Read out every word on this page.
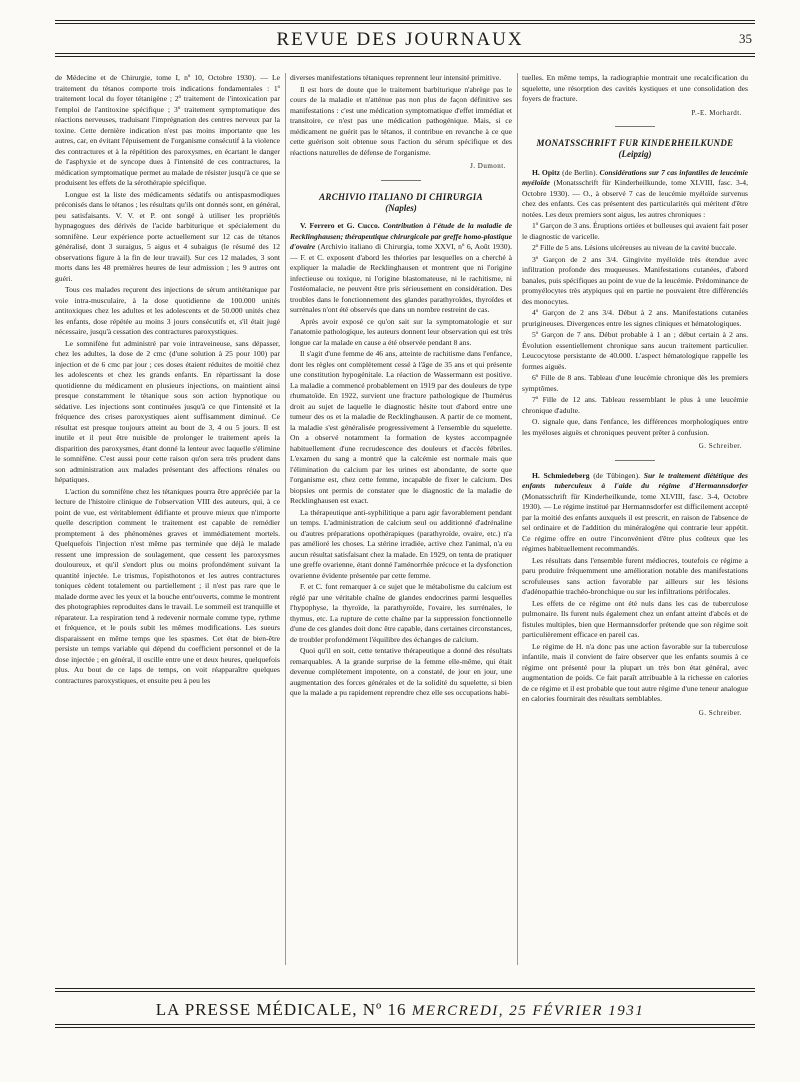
REVUE DES JOURNAUX	35

de Médecine et de Chirurgie, tome I, nº 10, Octobre 1930). — Le traitement du tétanos comporte trois indications fondamentales : 1º traitement local du foyer tétanigène ; 2º traitement de l'intoxication par l'emploi de l'antitoxine spécifique ; 3º traitement symptomatique des réactions nerveuses, traduisant l'imprégnation des centres nerveux par la toxine. Cette dernière indication n'est pas moins importante que les autres, car, en évitant l'épuisement de l'organisme consécutif à la violence des contractures et à la répétition des paroxysmes, en écartant le danger de l'asphyxie et de syncope dues à l'intensité de ces contractures, la médication symptomatique permet au malade de résister jusqu'à ce que se produisent les effets de la sérothérapie spécifique.

Longue est la liste des médicaments sédatifs ou antispasmodiques préconisés dans le tétanos ; les résultats qu'ils ont donnés sont, en général, peu satisfaisants. V. V. et P. ont songé à utiliser les propriétés hypnagogues des dérivés de l'acide barbiturique et spécialement du somnifène. Leur expérience porte actuellement sur 12 cas de tétanos généralisé, dont 3 suraigus, 5 aigus et 4 subaigus (le résumé des 12 observations figure à la fin de leur travail). Sur ces 12 malades, 3 sont morts dans les 48 premières heures de leur admission ; les 9 autres ont guéri.

Tous ces malades reçurent des injections de sérum antitétanique par voie intra-musculaire, à la dose quotidienne de 100.000 unités antitoxiques chez les adultes et les adolescents et de 50.000 unités chez les enfants, dose répétée au moins 3 jours consécutifs et, s'il était jugé nécessaire, jusqu'à cessation des contractures paroxystiques.

Le somnifène fut administré par voie intraveineuse, sans dépasser, chez les adultes, la dose de 2 cmc (d'une solution à 25 pour 100) par injection et de 6 cmc par jour ; ces doses étaient réduites de moitié chez les adolescents et chez les grands enfants. En répartissant la dose quotidienne du médicament en plusieurs injections, on maintient ainsi presque constamment le tétanique sous son action hypnotique ou sédative. Les injections sont continuées jusqu'à ce que l'intensité et la fréquence des crises paroxystiques aient suffisamment diminué. Ce résultat est presque toujours atteint au bout de 3, 4 ou 5 jours. Il est inutile et il peut être nuisible de prolonger le traitement après la disparition des paroxysmes, étant donné la lenteur avec laquelle s'élimine le somnifène. C'est aussi pour cette raison qu'on sera très prudent dans son administration aux malades présentant des affections rénales ou hépatiques.

L'action du somnifène chez les tétaniques pourra être appréciée par la lecture de l'histoire clinique de l'observation VIII des auteurs, qui, à ce point de vue, est véritablement édifiante et prouve mieux que n'importe quelle description comment le traitement est capable de remédier promptement à des phénomènes graves et immédiatement mortels. Quelquefois l'injection n'est même pas terminée que déjà le malade ressent une impression de soulagement, que cessent les paroxysmes douloureux, et qu'il s'endort plus ou moins profondément suivant la quantité injectée. Le trismus, l'opisthotonos et les autres contractures toniques cèdent totalement ou partiellement ; il n'est pas rare que le malade dorme avec les yeux et la bouche entr'ouverts, comme le montrent des photographies reproduites dans le travail. Le sommeil est tranquille et réparateur. La respiration tend à redevenir normale comme type, rythme et fréquence, et le pouls subit les mêmes modifications. Les sueurs disparaissent en même temps que les spasmes. Cet état de bien-être persiste un temps variable qui dépend du coefficient personnel et de la dose injectée ; en général, il oscille entre une et deux heures, quelquefois plus. Au bout de ce laps de temps, on voit réapparaître quelques contractures paroxystiques, et ensuite peu à peu les

diverses manifestations tétaniques reprennent leur intensité primitive.

Il est hors de doute que le traitement barbiturique n'abrège pas le cours de la maladie et n'atténue pas non plus de façon définitive ses manifestations : c'est une médication symptomatique d'effet immédiat et transitoire, ce n'est pas une médication pathogénique. Mais, si ce médicament ne guérit pas le tétanos, il contribue en revanche à ce que cette guérison soit obtenue sous l'action du sérum spécifique et des réactions naturelles de défense de l'organisme.

J. Dumont.

ARCHIVIO ITALIANO DI CHIRURGIA
(Naples)

V. Ferrero et G. Cucco. Contribution à l'étude de la maladie de Recklinghausen; thérapeutique chirurgicale par greffe homo-plastique d'ovaire (Archivio italiano di Chirurgia, tome XXVI, nº 6, Août 1930). — F. et C. exposent d'abord les théories par lesquelles on a cherché à expliquer la maladie de Recklinghausen et montrent que ni l'origine infectieuse ou toxique, ni l'origine blastomateuse, ni le rachitisme, ni l'ostéomalacie, ne peuvent être pris sérieusement en considération. Des troubles dans le fonctionnement des glandes parathyroïdes, thyroïdes et surrénales n'ont été observés que dans un nombre restreint de cas.

Après avoir exposé ce qu'on sait sur la symptomatologie et sur l'anatomie pathologique, les auteurs donnent leur observation qui est très longue car la malade en cause a été observée pendant 8 ans.

Il s'agit d'une femme de 46 ans, atteinte de rachitisme dans l'enfance, dont les règles ont complètement cessé à l'âge de 35 ans et qui présente une constitution hypogénitale. La réaction de Wassermann est positive. La maladie a commencé probablement en 1919 par des douleurs de type rhumatoïde. En 1922, survient une fracture pathologique de l'humérus droit au sujet de laquelle le diagnostic hésite tout d'abord entre une tumeur des os et la maladie de Recklinghausen. A partir de ce moment, la maladie s'est généralisée progressivement à l'ensemble du squelette. On a observé notamment la formation de kystes accompagnée habituellement d'une recrudescence des douleurs et d'accès fébriles. L'examen du sang a montré que la calcémie est normale mais que l'élimination du calcium par les urines est abondante, de sorte que l'organisme est, chez cette femme, incapable de fixer le calcium. Des biopsies ont permis de constater que le diagnostic de la maladie de Recklinghausen est exact.

La thérapeutique anti-syphilitique a paru agir favorablement pendant un temps. L'administration de calcium seul ou additionné d'adrénaline ou d'autres préparations opothérapiques (parathyroïde, ovaire, etc.) n'a pas amélioré les choses. La stérine irradiée, active chez l'animal, n'a eu aucun résultat satisfaisant chez la malade. En 1929, on tenta de pratiquer une greffe ovarienne, étant donné l'aménorrhée précoce et la dysfonction ovarienne évidente présentée par cette femme.

F. et C. font remarquer à ce sujet que le métabolisme du calcium est réglé par une véritable chaîne de glandes endocrines parmi lesquelles l'hypophyse, la thyroïde, la parathyroïde, l'ovaire, les surrénales, le thymus, etc. La rupture de cette chaîne par la suppression fonctionnelle d'une de ces glandes doit donc être capable, dans certaines circonstances, de troubler profondément l'équilibre des échanges de calcium.

Quoi qu'il en soit, cette tentative thérapeutique a donné des résultats remarquables. A la grande surprise de la femme elle-même, qui était devenue complètement impotente, on a constaté, de jour en jour, une augmentation des forces générales et de la solidité du squelette, si bien que la malade a pu rapidement reprendre chez elle ses occupations habi-

tuelles. En même temps, la radiographie montrait une recalcification du squelette, une résorption des cavités kystiques et une consolidation des foyers de fracture.

P.-E. Morhardt.

MONATSSCHRIFT FUR KINDERHEILKUNDE
(Leipzig)

H. Opitz (de Berlin). Considérations sur 7 cas infantiles de leucémie myéloïde (Monatsschrift für Kinderheilkunde, tome XLVIII, fasc. 3-4, Octobre 1930). — O., à observé 7 cas de leucémie myéloïde survenus chez des enfants. Ces cas présentent des particularités qui méritent d'être notées. Les deux premiers sont aigus, les autres chroniques :

1º Garçon de 3 ans. Éruptions ortiées et bulleuses qui avaient fait poser le diagnostic de varicelle.

2º Fille de 5 ans. Lésions ulcéreuses au niveau de la cavité buccale.

3º Garçon de 2 ans 3/4. Gingivite myéloïde très étendue avec infiltration profonde des muqueuses. Manifestations cutanées, d'abord banales, puis spécifiques au point de vue de la leucémie. Prédominance de promyélocytes très atypiques qui en partie ne pouvaient être différenciés des monocytes.

4º Garçon de 2 ans 3/4. Début à 2 ans. Manifestations cutanées prurigineuses. Divergences entre les signes cliniques et hématologiques.

5º Garçon de 7 ans. Début probable à 1 an ; début certain à 2 ans. Évolution essentiellement chronique sans aucun traitement particulier. Leucocytose persistante de 40.000. L'aspect hématologique rappelle les formes aiguës.

6º Fille de 8 ans. Tableau d'une leucémie chronique dès les premiers symptômes.

7º Fille de 12 ans. Tableau ressemblant le plus à une leucémie chronique d'adulte.

O. signale que, dans l'enfance, les différences morphologiques entre les myéloses aiguës et chroniques peuvent prêter à confusion.

G. Schreiber.

H. Schmiedeberg (de Tübingen). Sur le traitement diététique des enfants tuberculeux à l'aide du régime d'Hermannsdorfer (Monatsschrift für Kinderheilkunde, tome XLVIII, fasc. 3-4, Octobre 1930). — Le régime institué par Hermannsdorfer est difficilement accepté par la moitié des enfants auxquels il est prescrit, en raison de l'absence de sel ordinaire et de l'addition du minéralogène qui contrarie leur appétit. Ce régime offre en outre l'inconvénient d'être plus coûteux que les régimes habituellement recommandés.

Les résultats dans l'ensemble furent médiocres, toutefois ce régime a paru produire fréquemment une amélioration notable des manifestations scrofuleuses sans action favorable par ailleurs sur les lésions d'adénopathie trachéo-bronchique ou sur les infiltrations périfocales.

Les effets de ce régime ont été nuls dans les cas de tuberculose pulmonaire. Ils furent nuls également chez un enfant atteint d'abcès et de fistules multiples, bien que Hermannsdorfer prétende que son régime soit particulièrement efficace en pareil cas.

Le régime de H. n'a donc pas une action favorable sur la tuberculose infantile, mais il convient de faire observer que les enfants soumis à ce régime ont présenté pour la plupart un très bon état général, avec augmentation de poids. Ce fait paraît attribuable à la richesse en calories de ce régime et il est probable que tout autre régime d'une teneur analogue en calories fournirait des résultats semblables.

G. Schreiber.

LA PRESSE MÉDICALE, Nº 16 MERCREDI, 25 FÉVRIER 1931
